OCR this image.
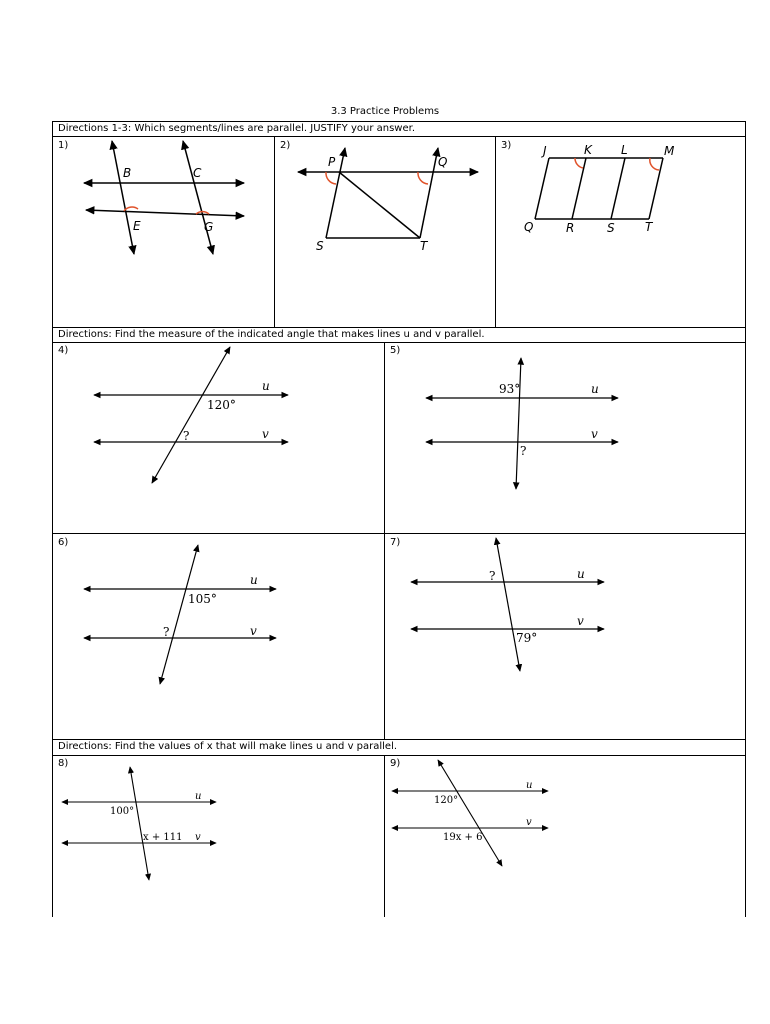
3.3 Practice Problems
Directions 1-3: Which segments/lines are parallel. JUSTIFY your answer.
Directions: Find the measure of the indicated angle that makes lines u and v parallel.
Directions: Find the values of x that will make lines u and v parallel.
1)	2)	3)
4)	5)
6)	7)
8)	9)
B	C
E	G
P	Q
S	T
J	K L	M
Q	R	S	T
u
v
120°
?
u
v
93°
?
u
v
105°
?
u
v
?
79°
u
v
100°
x + 111
u
v
120°
19x + 6
